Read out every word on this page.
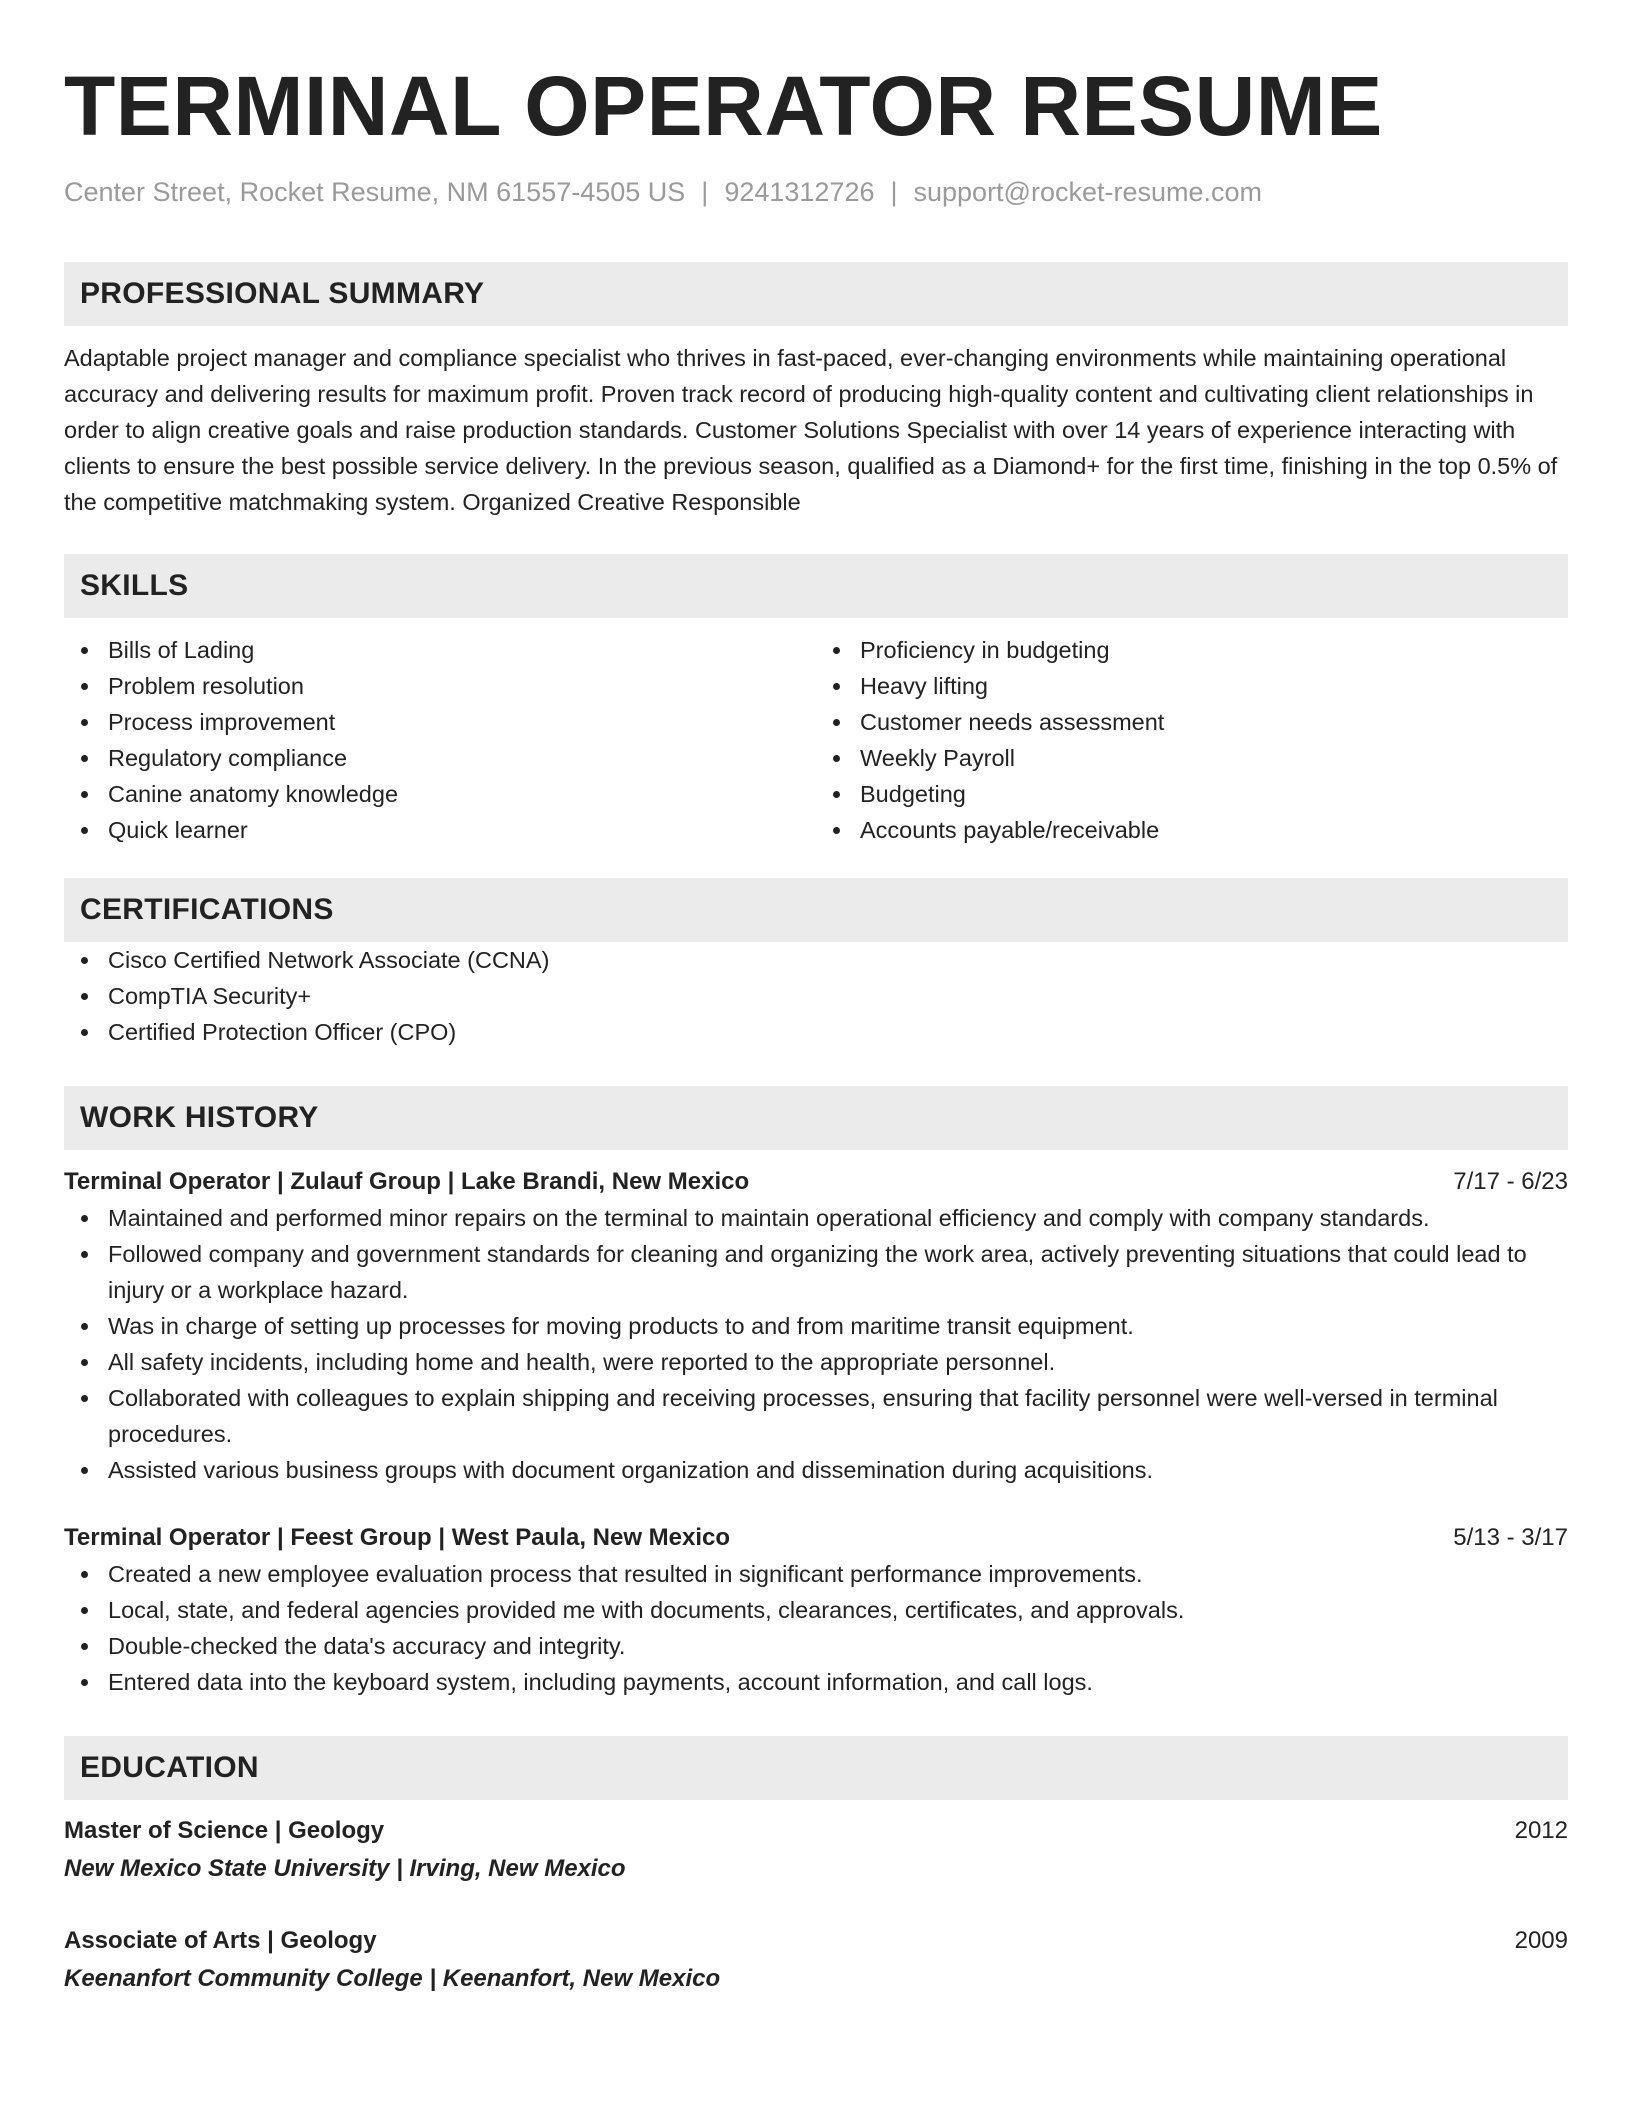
TERMINAL OPERATOR RESUME
Center Street, Rocket Resume, NM 61557-4505 US | 9241312726 | support@rocket-resume.com
PROFESSIONAL SUMMARY
Adaptable project manager and compliance specialist who thrives in fast-paced, ever-changing environments while maintaining operational accuracy and delivering results for maximum profit. Proven track record of producing high-quality content and cultivating client relationships in order to align creative goals and raise production standards. Customer Solutions Specialist with over 14 years of experience interacting with clients to ensure the best possible service delivery. In the previous season, qualified as a Diamond+ for the first time, finishing in the top 0.5% of the competitive matchmaking system. Organized Creative Responsible
SKILLS
Bills of Lading
Problem resolution
Process improvement
Regulatory compliance
Canine anatomy knowledge
Quick learner
Proficiency in budgeting
Heavy lifting
Customer needs assessment
Weekly Payroll
Budgeting
Accounts payable/receivable
CERTIFICATIONS
Cisco Certified Network Associate (CCNA)
CompTIA Security+
Certified Protection Officer (CPO)
WORK HISTORY
Terminal Operator | Zulauf Group | Lake Brandi, New Mexico	7/17 - 6/23
Maintained and performed minor repairs on the terminal to maintain operational efficiency and comply with company standards.
Followed company and government standards for cleaning and organizing the work area, actively preventing situations that could lead to injury or a workplace hazard.
Was in charge of setting up processes for moving products to and from maritime transit equipment.
All safety incidents, including home and health, were reported to the appropriate personnel.
Collaborated with colleagues to explain shipping and receiving processes, ensuring that facility personnel were well-versed in terminal procedures.
Assisted various business groups with document organization and dissemination during acquisitions.
Terminal Operator | Feest Group | West Paula, New Mexico	5/13 - 3/17
Created a new employee evaluation process that resulted in significant performance improvements.
Local, state, and federal agencies provided me with documents, clearances, certificates, and approvals.
Double-checked the data's accuracy and integrity.
Entered data into the keyboard system, including payments, account information, and call logs.
EDUCATION
Master of Science | Geology	2012
New Mexico State University | Irving, New Mexico
Associate of Arts | Geology	2009
Keenanfort Community College | Keenanfort, New Mexico
